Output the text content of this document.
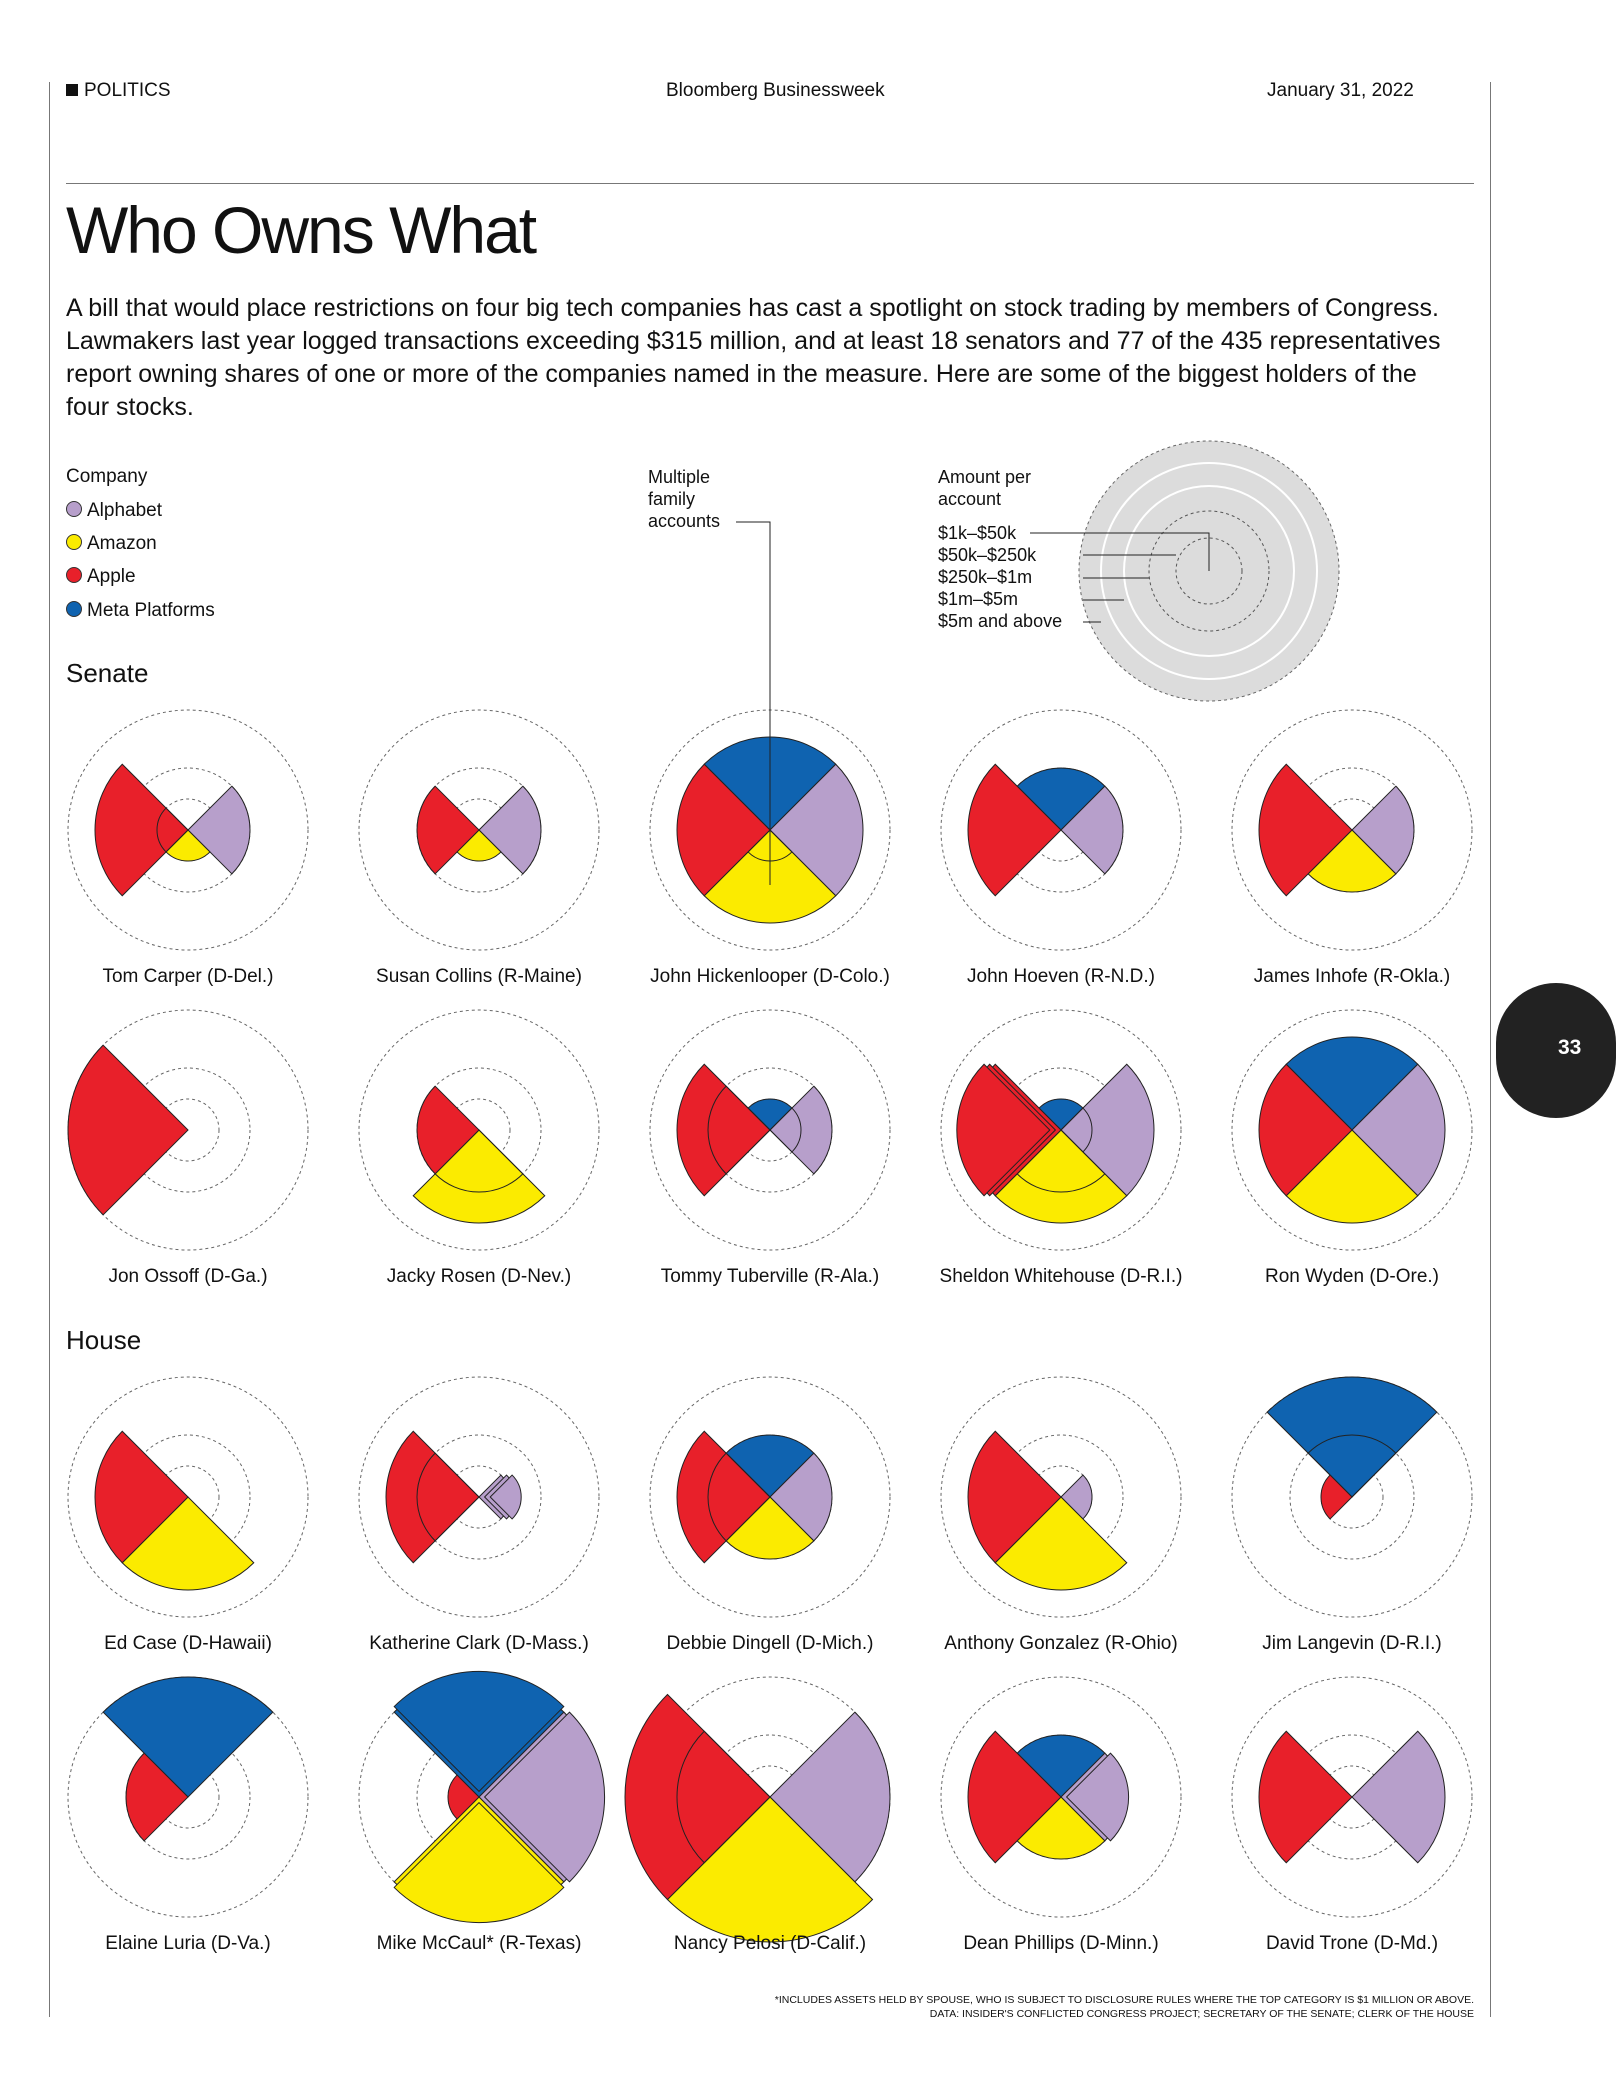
POLITICS	Bloomberg Businessweek	January 31, 2022
Who Owns What
A bill that would place restrictions on four big tech companies has cast a spotlight on stock trading by members of Congress. Lawmakers last year logged transactions exceeding $315 million, and at least 18 senators and 77 of the 435 representatives report owning shares of one or more of the companies named in the measure. Here are some of the biggest holders of the four stocks.
Company
Alphabet
Amazon
Apple
Meta Platforms
Multiple
family
accounts
Amount per
account
$1k–$50k
$50k–$250k
$250k–$1m
$1m–$5m
$5m and above
Senate
House
Tom Carper (D-Del.)	Susan Collins (R-Maine)	John Hickenlooper (D-Colo.)	John Hoeven (R-N.D.)	James Inhofe (R-Okla.)
Jon Ossoff (D-Ga.)	Jacky Rosen (D-Nev.)	Tommy Tuberville (R-Ala.)	Sheldon Whitehouse (D-R.I.)	Ron Wyden (D-Ore.)
Ed Case (D-Hawaii)	Katherine Clark (D-Mass.)	Debbie Dingell (D-Mich.)	Anthony Gonzalez (R-Ohio)	Jim Langevin (D-R.I.)
Elaine Luria (D-Va.)	Mike McCaul* (R-Texas)	Nancy Pelosi (D-Calif.)	Dean Phillips (D-Minn.)	David Trone (D-Md.)
33
*INCLUDES ASSETS HELD BY SPOUSE, WHO IS SUBJECT TO DISCLOSURE RULES WHERE THE TOP CATEGORY IS $1 MILLION OR ABOVE. DATA: INSIDER'S CONFLICTED CONGRESS PROJECT; SECRETARY OF THE SENATE; CLERK OF THE HOUSE
